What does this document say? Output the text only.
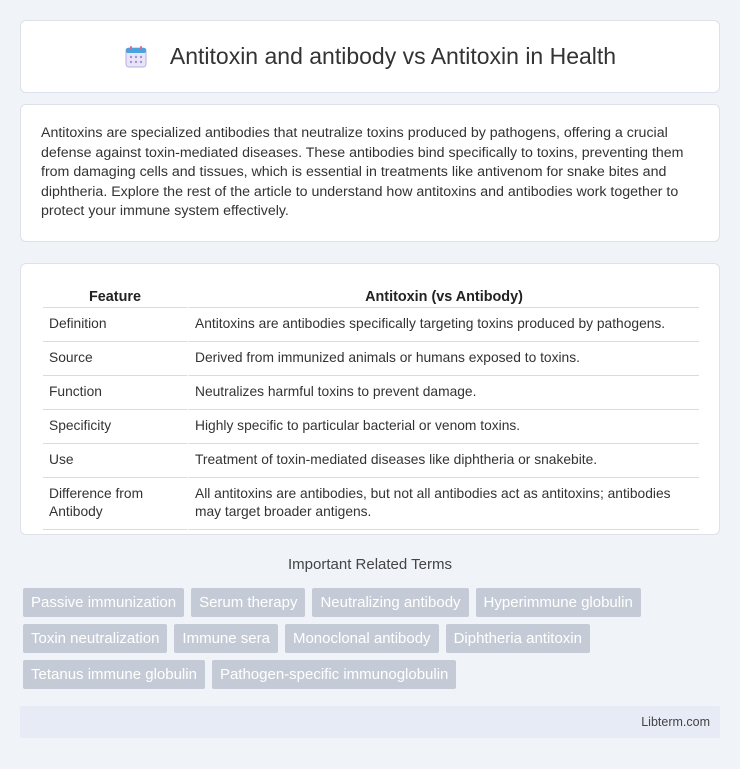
Antitoxin and antibody vs Antitoxin in Health

Antitoxins are specialized antibodies that neutralize toxins produced by pathogens, offering a crucial defense against toxin-mediated diseases. These antibodies bind specifically to toxins, preventing them from damaging cells and tissues, which is essential in treatments like antivenom for snake bites and diphtheria. Explore the rest of the article to understand how antitoxins and antibodies work together to protect your immune system effectively.

Feature	Antitoxin (vs Antibody)
Definition	Antitoxins are antibodies specifically targeting toxins produced by pathogens.
Source	Derived from immunized animals or humans exposed to toxins.
Function	Neutralizes harmful toxins to prevent damage.
Specificity	Highly specific to particular bacterial or venom toxins.
Use	Treatment of toxin-mediated diseases like diphtheria or snakebite.
Difference from Antibody	All antitoxins are antibodies, but not all antibodies act as antitoxins; antibodies may target broader antigens.
Important Related Terms
Passive immunization	Serum therapy	Neutralizing antibody	Hyperimmune globulin
Toxin neutralization	Immune sera	Monoclonal antibody	Diphtheria antitoxin
Tetanus immune globulin	Pathogen-specific immunoglobulin
Libterm.com
